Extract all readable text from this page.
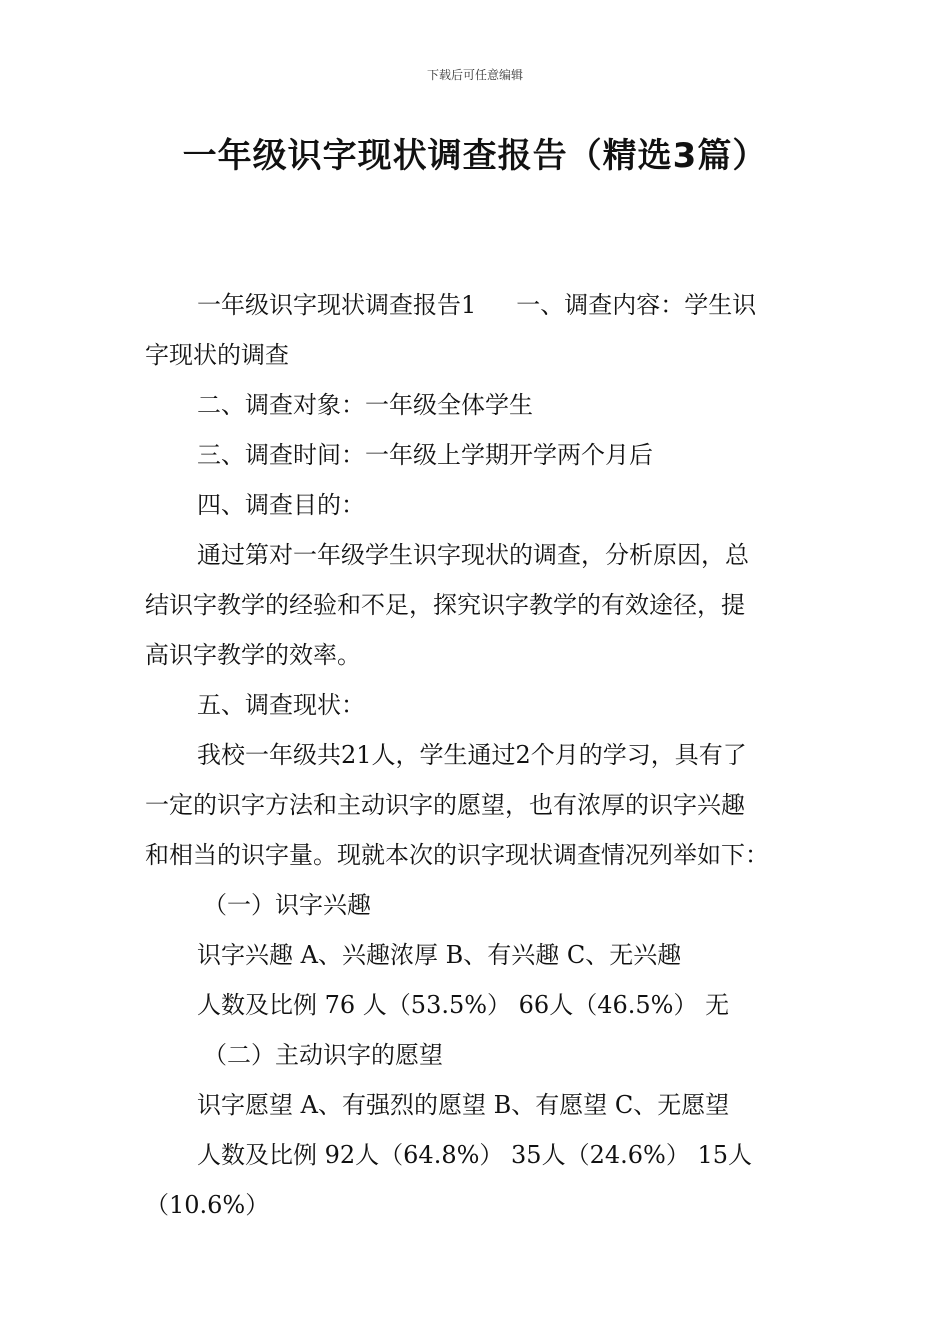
下载后可任意编辑
一年级识字现状调查报告（精选3篇）

一年级识字现状调查报告1 一、调查内容：学生识

字现状的调查

二、调查对象：一年级全体学生

三、调查时间：一年级上学期开学两个月后

四、调查目的：

通过第对一年级学生识字现状的调查，分析原因，总

结识字教学的经验和不足，探究识字教学的有效途径，提

高识字教学的效率。

五、调查现状：

我校一年级共21人，学生通过2个月的学习，具有了

一定的识字方法和主动识字的愿望，也有浓厚的识字兴趣

和相当的识字量。现就本次的识字现状调查情况列举如下：

（一）识字兴趣

识字兴趣 A、兴趣浓厚 B、有兴趣 C、无兴趣

人数及比例 76 人（53.5%） 66人（46.5%） 无

（二）主动识字的愿望

识字愿望 A、有强烈的愿望 B、有愿望 C、无愿望

人数及比例 92人（64.8%） 35人（24.6%） 15人

（10.6%）
